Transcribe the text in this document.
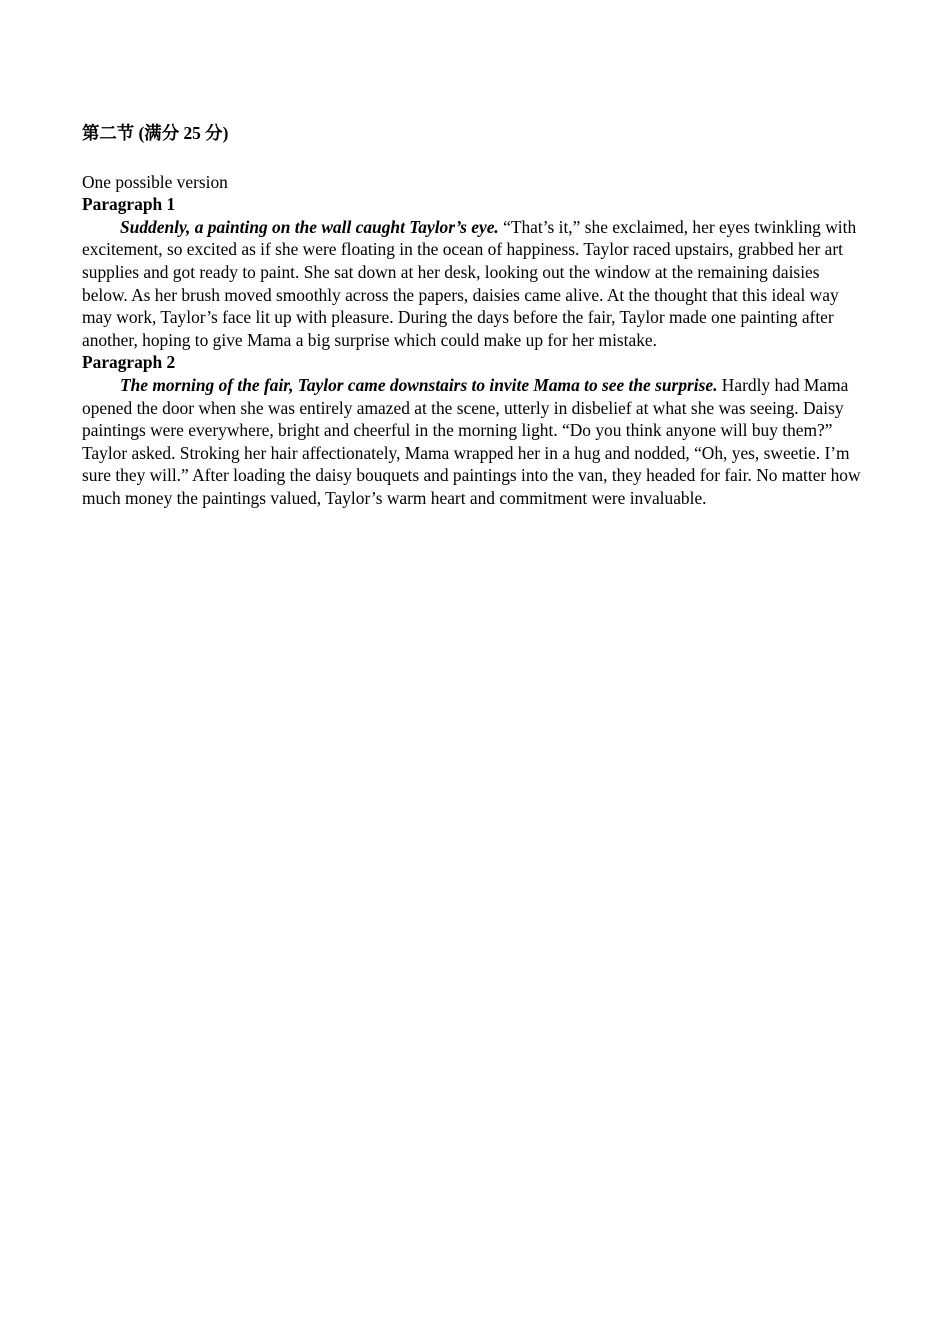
第二节 (满分 25 分)
One possible version
Paragraph 1

Suddenly, a painting on the wall caught Taylor’s eye. “That’s it,” she exclaimed, her eyes twinkling with excitement, so excited as if she were floating in the ocean of happiness. Taylor raced upstairs, grabbed her art supplies and got ready to paint. She sat down at her desk, looking out the window at the remaining daisies below. As her brush moved smoothly across the papers, daisies came alive. At the thought that this ideal way may work, Taylor’s face lit up with pleasure. During the days before the fair, Taylor made one painting after another, hoping to give Mama a big surprise which could make up for her mistake.

Paragraph 2

The morning of the fair, Taylor came downstairs to invite Mama to see the surprise. Hardly had Mama opened the door when she was entirely amazed at the scene, utterly in disbelief at what she was seeing. Daisy paintings were everywhere, bright and cheerful in the morning light. “Do you think anyone will buy them?” Taylor asked. Stroking her hair affectionately, Mama wrapped her in a hug and nodded, “Oh, yes, sweetie. I’m sure they will.” After loading the daisy bouquets and paintings into the van, they headed for fair. No matter how much money the paintings valued, Taylor’s warm heart and commitment were invaluable.
